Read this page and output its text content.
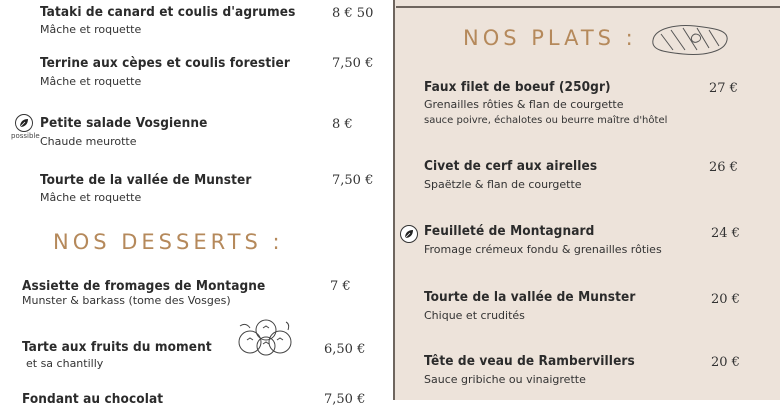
Tataki de canard et coulis d'agrumes
Mâche et roquette
8 € 50
Terrine aux cèpes et coulis forestier
Mâche et roquette
7,50 €
possible
Petite salade Vosgienne
Chaude meurotte
8 €
Tourte de la vallée de Munster
Mâche et roquette
7,50 €
NOS DESSERTS :
Assiette de fromages de Montagne
Munster & barkass (tome des Vosges)
7 €
Tarte aux fruits du moment
et sa chantilly
6,50 €
Fondant au chocolat	7,50 €
NOS PLATS :
Faux filet de boeuf (250gr)
Grenailles rôties & flan de courgette
sauce poivre, échalotes ou beurre maître d'hôtel
27 €
Civet de cerf aux airelles
Spaëtzle & flan de courgette
26 €
Feuilleté de Montagnard
Fromage crémeux fondu & grenailles rôties
24 €
Tourte de la vallée de Munster
Chique et crudités
20 €
Tête de veau de Rambervillers
Sauce gribiche ou vinaigrette
20 €
